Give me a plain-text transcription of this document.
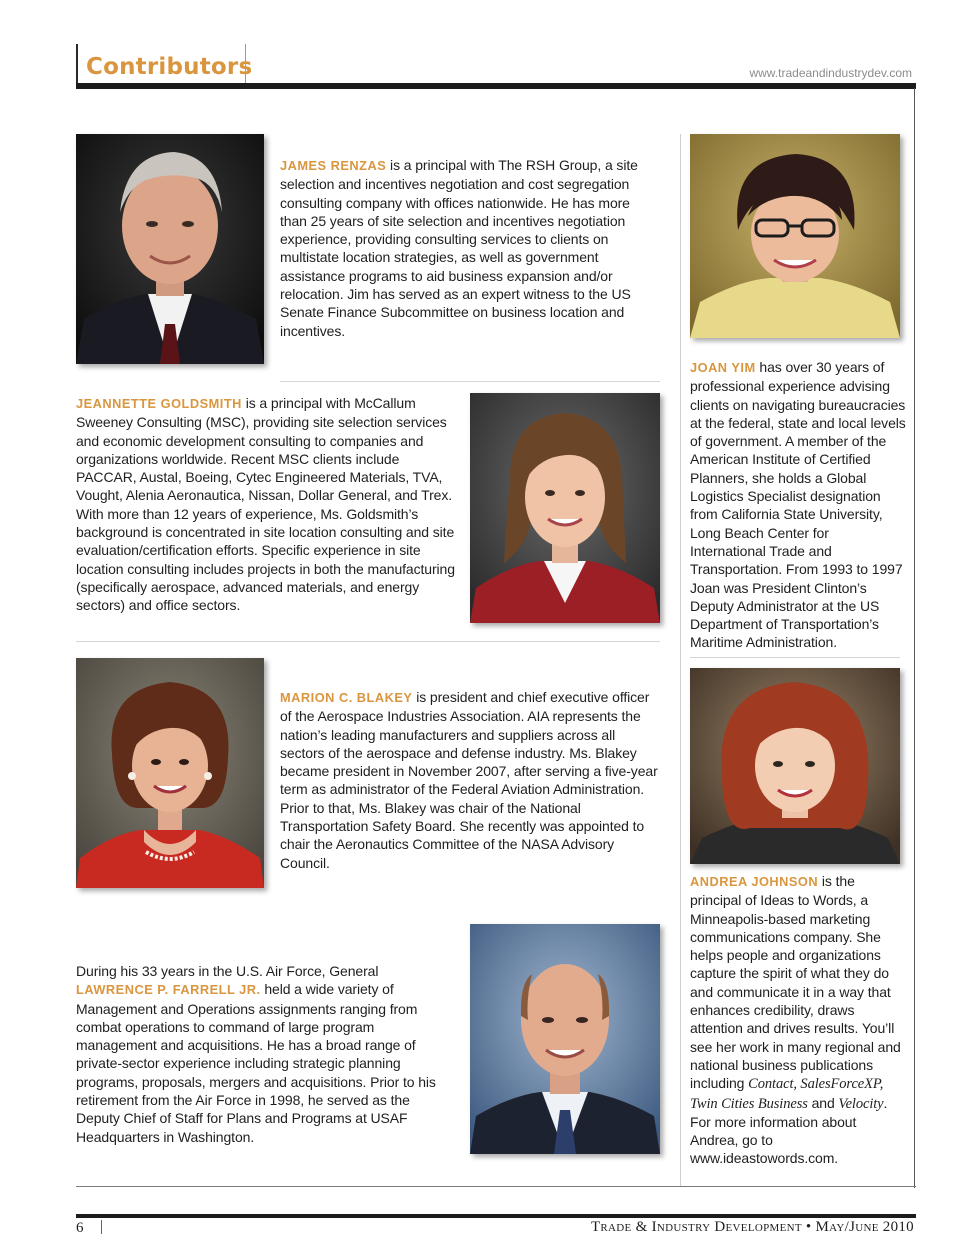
Contributors	www.tradeandindustrydev.com
JAMES RENZAS is a principal with The RSH Group, a site selection and incentives negotiation and cost segregation consulting company with offices nationwide. He has more than 25 years of site selection and incentives negotiation experience, providing consulting services to clients on multistate location strategies, as well as government assistance programs to aid business expansion and/or relocation. Jim has served as an expert witness to the US Senate Finance Subcommittee on business location and incentives.
JEANNETTE GOLDSMITH is a principal with McCallum Sweeney Consulting (MSC), providing site selection services and economic development consulting to companies and organizations worldwide. Recent MSC clients include PACCAR, Austal, Boeing, Cytec Engineered Materials, TVA, Vought, Alenia Aeronautica, Nissan, Dollar General, and Trex. With more than 12 years of experience, Ms. Goldsmith’s background is concentrated in site location consulting and site evaluation/certification efforts. Specific experience in site location consulting includes projects in both the manufacturing (specifically aerospace, advanced materials, and energy sectors) and office sectors.
MARION C. BLAKEY is president and chief executive officer of the Aerospace Industries Association. AIA represents the nation’s leading manufacturers and suppliers across all sectors of the aerospace and defense industry. Ms. Blakey became president in November 2007, after serving a five-year term as administrator of the Federal Aviation Administration. Prior to that, Ms. Blakey was chair of the National Transportation Safety Board. She recently was appointed to chair the Aeronautics Committee of the NASA Advisory Council.
During his 33 years in the U.S. Air Force, General LAWRENCE P. FARRELL JR. held a wide variety of Management and Operations assignments ranging from combat operations to command of large program management and acquisitions. He has a broad range of private-sector experience including strategic planning programs, proposals, mergers and acquisitions. Prior to his retirement from the Air Force in 1998, he served as the Deputy Chief of Staff for Plans and Programs at USAF Headquarters in Washington.
JOAN YIM has over 30 years of professional experience advising clients on navigating bureaucracies at the federal, state and local levels of government. A member of the American Institute of Certified Planners, she holds a Global Logistics Specialist designation from California State University, Long Beach Center for International Trade and Transportation. From 1993 to 1997 Joan was President Clinton’s Deputy Administrator at the US Department of Transportation’s Maritime Administration.
ANDREA JOHNSON is the principal of Ideas to Words, a Minneapolis-based marketing communications company. She helps people and organizations capture the spirit of what they do and communicate it in a way that enhances credibility, draws attention and drives results. You’ll see her work in many regional and national business publications including Contact, SalesForceXP, Twin Cities Business and Velocity. For more information about Andrea, go to www.ideastowords.com.
6	Trade & Industry Development • May/June 2010
